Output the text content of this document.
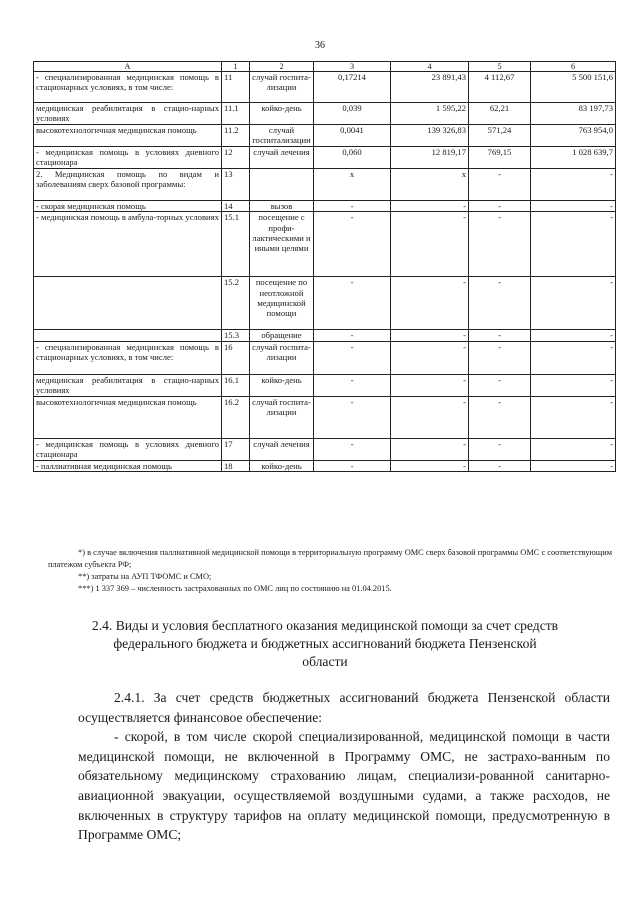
36
А	1	2	3	4	5	6
- специализированная медицинская помощь в стационарных условиях, в том числе:	11	случай госпита-лизации	0,17214	23 891,43	4 112,67	5 500 151,6
медицинская реабилитация в стацио-нарных условиях	11.1	койко-день	0,039	1 595,22	62,21	83 197,73
высокотехнологичная медицинская помощь	11.2	случай госпитализации	0,0041	139 326,83	571,24	763 954,0
- медицинская помощь в условиях дневного стационара	12	случай лечения	0,060	12 819,17	769,15	1 028 639,7
2. Медицинская помощь по видам и заболеваниям сверх базовой программы:	13		х	х	-	-
- скорая медицинская помощь	14	вызов	-	-	-	-
- медицинская помощь в амбула-торных условиях	15.1	посещение с профи-лактическими и иными целями	-	-	-	-
	15.2	посещение по неотложной медицинской помощи	-	-	-	-
	15.3	обращение	-	-	-	-
- специализированная медицинская помощь в стационарных условиях, в том числе:	16	случай госпита-лизации	-	-	-	-
медицинская реабилитация в стацио-нарных условиях	16.1	койко-день	-	-	-	-
высокотехнологичная медицинская помощь	16.2	случай госпита-лизации	-	-	-	-
- медицинская помощь в условиях дневного стационара	17	случай лечения	-	-	-	-
- паллиативная медицинская помощь	18	койко-день	-	-	-	-

*) в случае включения паллиативной медицинской помощи в территориальную программу ОМС сверх базовой программы ОМС с соответствующим платежом субъекта РФ;

**) затраты на АУП ТФОМС и СМО;

***) 1 337 369 – численность застрахованных по ОМС лиц по состоянию на 01.04.2015.

2.4. Виды и условия бесплатного оказания медицинской помощи за счет средств федерального бюджета и бюджетных ассигнований бюджета Пензенской области

2.4.1. За счет средств бюджетных ассигнований бюджета Пензенской области осуществляется финансовое обеспечение:

- скорой, в том числе скорой специализированной, медицинской помощи в части медицинской помощи, не включенной в Программу ОМС, не застрахо-ванным по обязательному медицинскому страхованию лицам, специализи-рованной санитарно-авиационной эвакуации, осуществляемой воздушными судами, а также расходов, не включенных в структуру тарифов на оплату медицинской помощи, предусмотренную в Программе ОМС;
